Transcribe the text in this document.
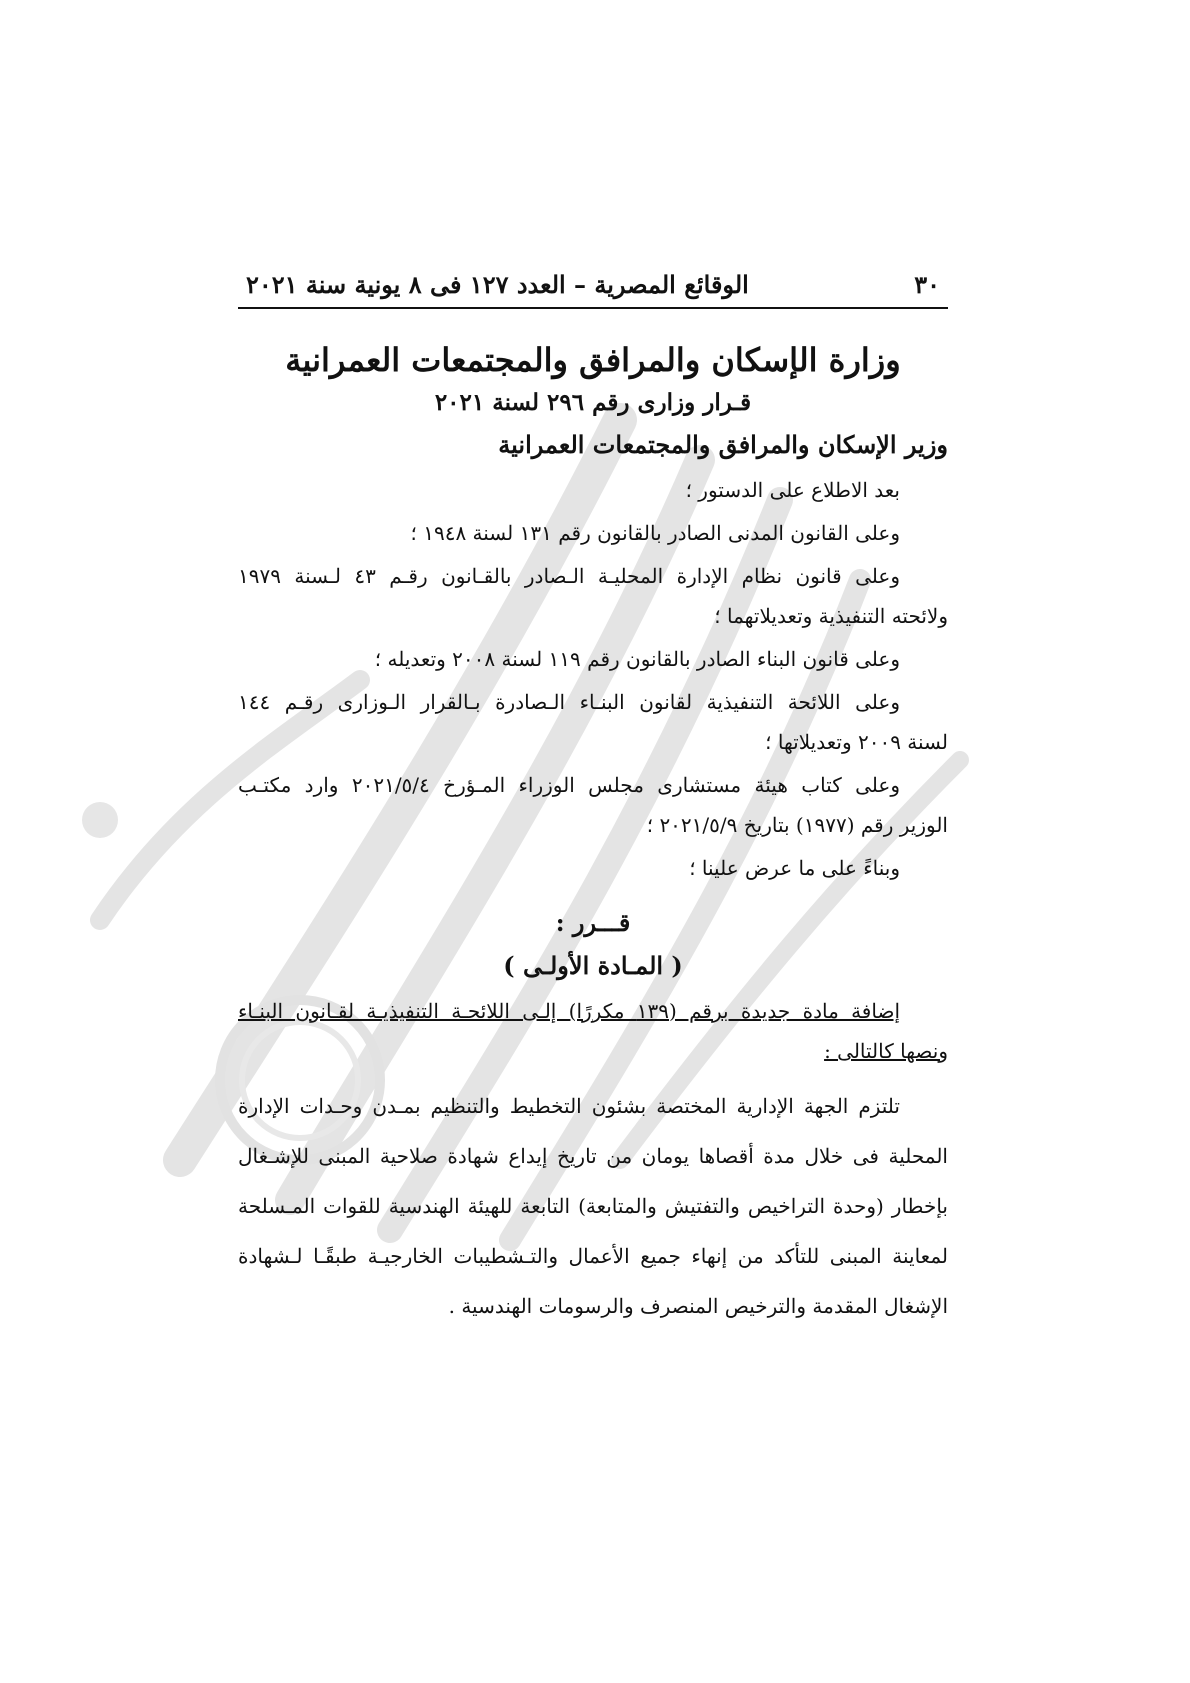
٣٠
الوقائع المصرية – العدد ١٢٧ فى ٨ يونية سنة ٢٠٢١
وزارة الإسكان والمرافق والمجتمعات العمرانية
قـرار وزارى رقم ٢٩٦ لسنة ٢٠٢١
وزير الإسكان والمرافق والمجتمعات العمرانية
بعد الاطلاع على الدستور ؛
وعلى القانون المدنى الصادر بالقانون رقم ١٣١ لسنة ١٩٤٨ ؛
وعلى قانون نظام الإدارة المحليـة الـصادر بالقـانون رقـم ٤٣ لـسنة ١٩٧٩
ولائحته التنفيذية وتعديلاتهما ؛
وعلى قانون البناء الصادر بالقانون رقم ١١٩ لسنة ٢٠٠٨ وتعديله ؛
وعلى اللائحة التنفيذية لقانون البنـاء الـصادرة بـالقرار الـوزارى رقـم ١٤٤
لسنة ٢٠٠٩ وتعديلاتها ؛
وعلى كتاب هيئة مستشارى مجلس الوزراء المـؤرخ ٢٠٢١/٥/٤ وارد مكتـب
الوزير رقم (١٩٧٧) بتاريخ ٢٠٢١/٥/٩ ؛
وبناءً على ما عرض علينا ؛
قـــرر :
( المـادة الأولـى )
إضافة مادة جديدة برقم (١٣٩ مكررًا) إلـى اللائحـة التنفيذيـة لقـانون البنـاء
ونصها كالتالى :
تلتزم الجهة الإدارية المختصة بشئون التخطيط والتنظيم بمـدن وحـدات الإدارة المحلية فى خلال مدة أقصاها يومان من تاريخ إيداع شهادة صلاحية المبنى للإشـغال بإخطار (وحدة التراخيص والتفتيش والمتابعة) التابعة للهيئة الهندسية للقوات المـسلحة لمعاينة المبنى للتأكد من إنهاء جميع الأعمال والتـشطيبات الخارجيـة طبقًـا لـشهادة الإشغال المقدمة والترخيص المنصرف والرسومات الهندسية .
